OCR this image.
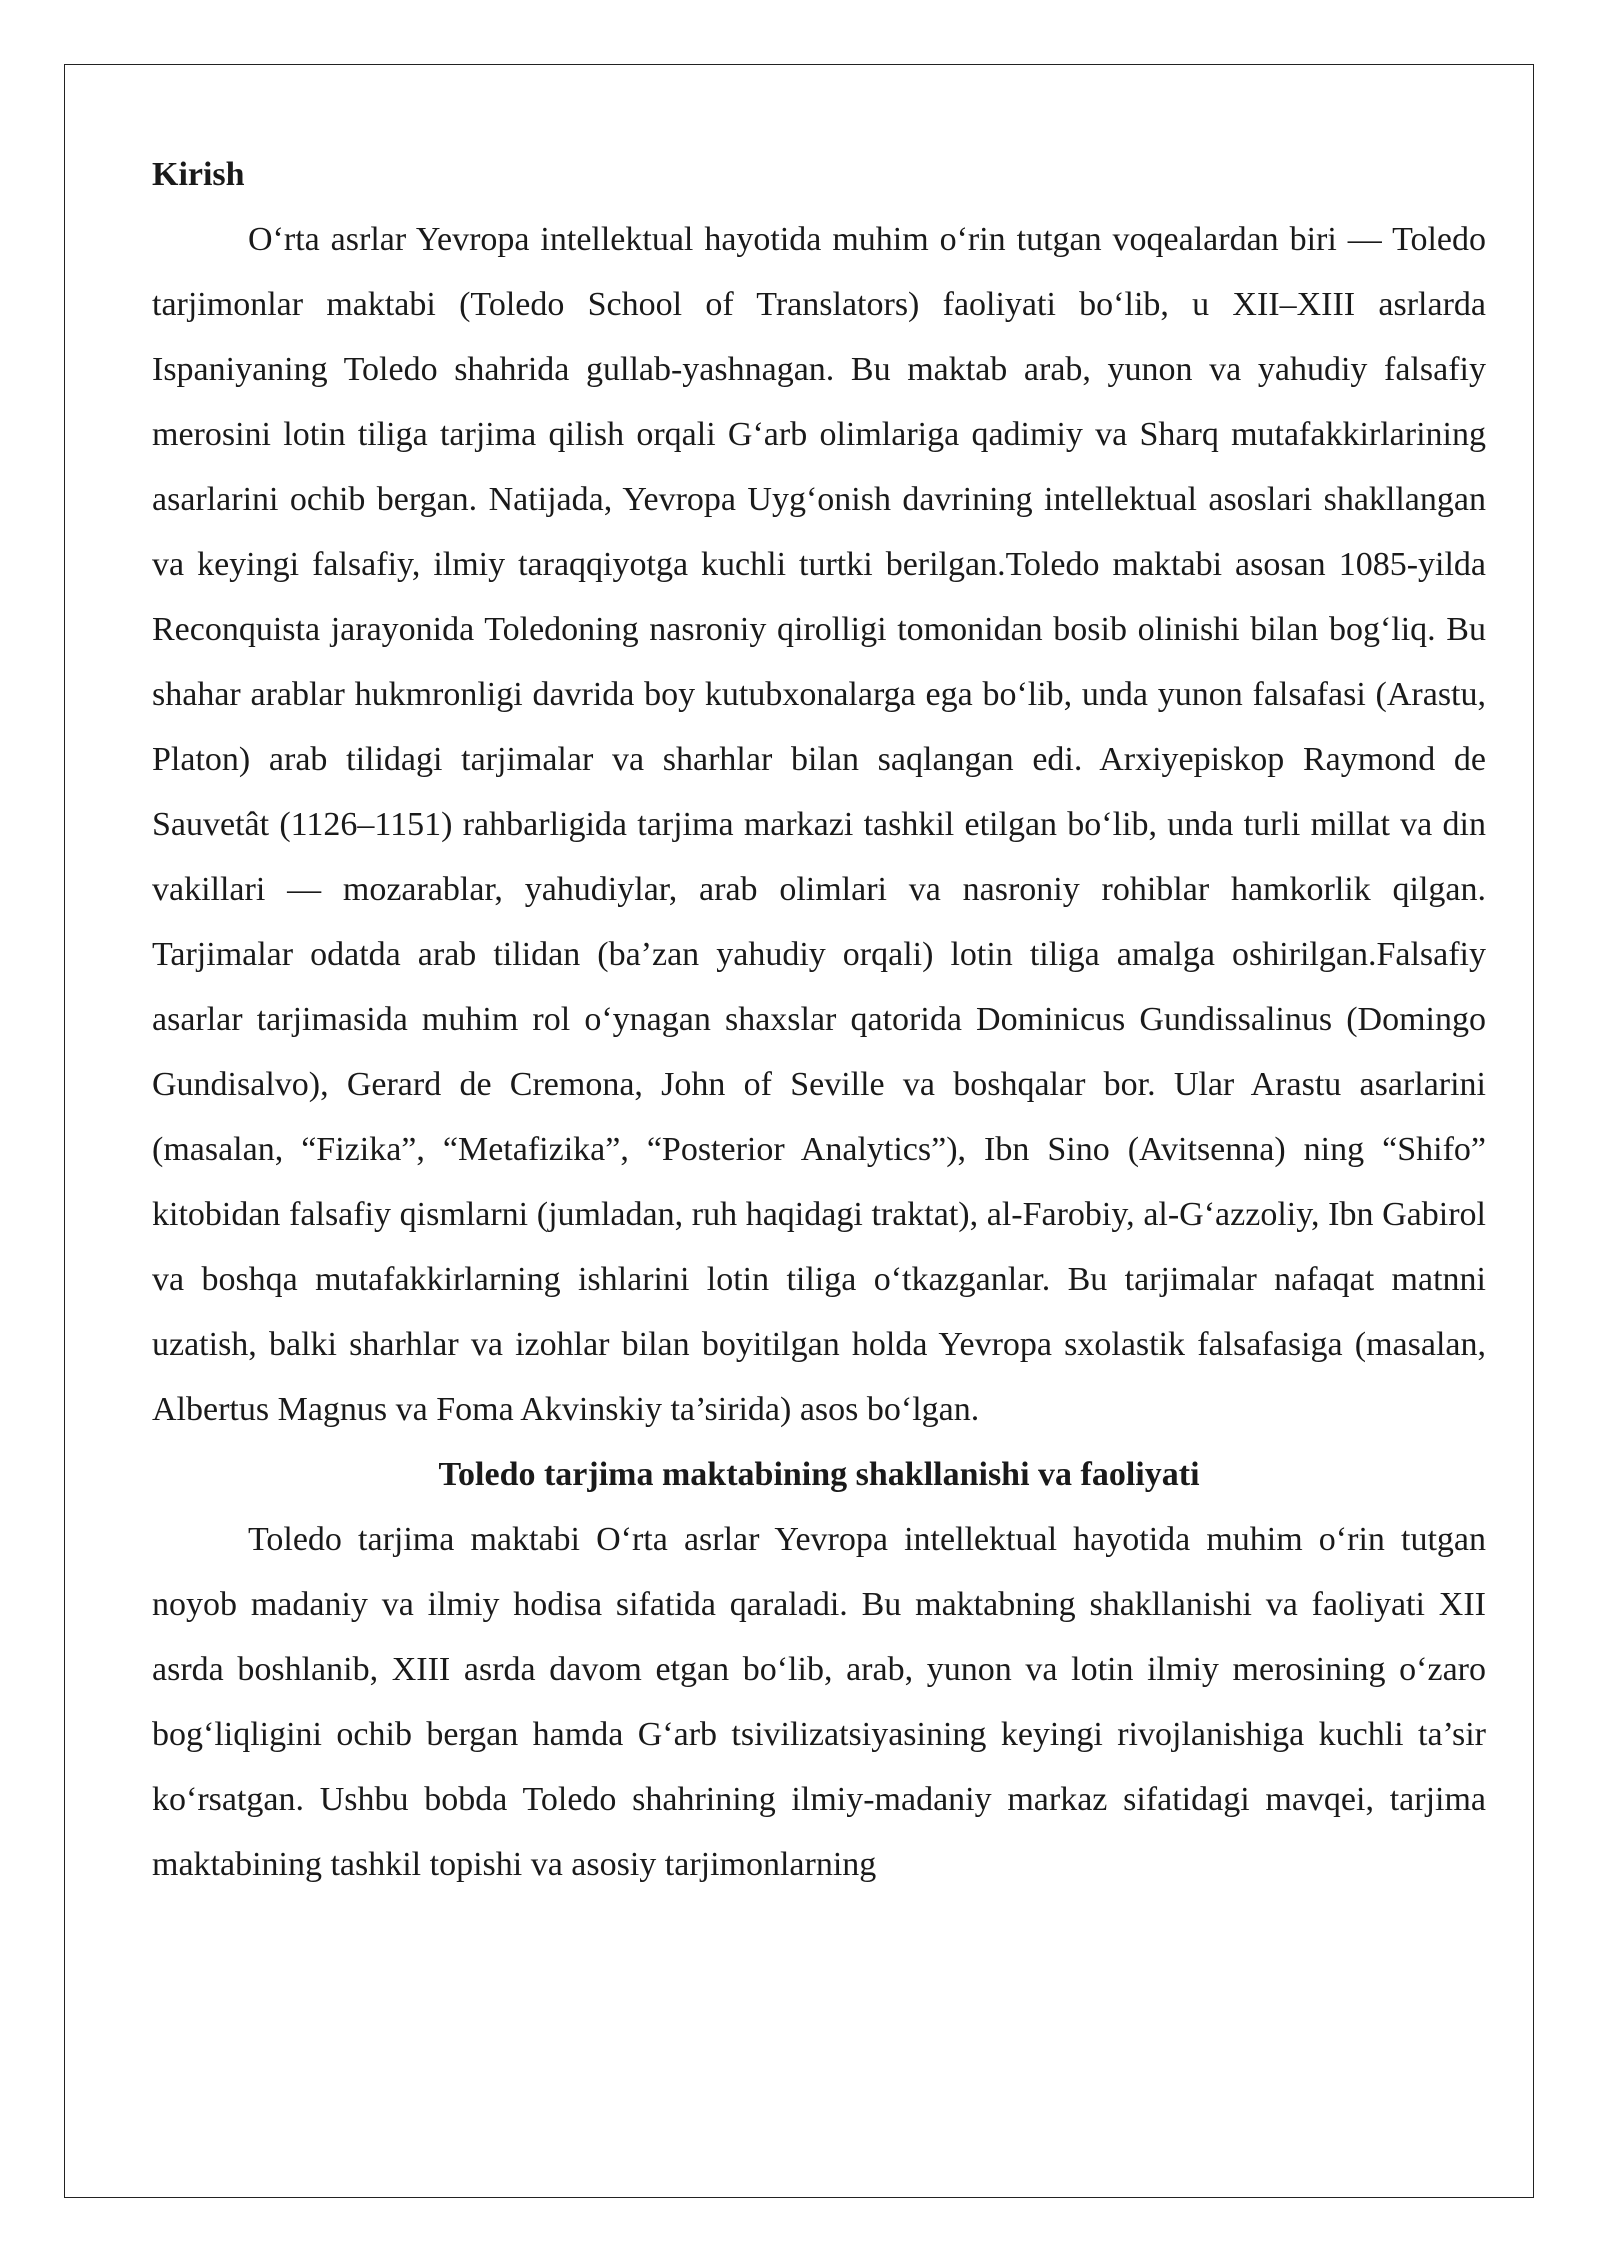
Kirish

O‘rta asrlar Yevropa intellektual hayotida muhim o‘rin tutgan voqealardan biri — Toledo tarjimonlar maktabi (Toledo School of Translators) faoliyati bo‘lib, u XII–XIII asrlarda Ispaniyaning Toledo shahrida gullab-yashnagan. Bu maktab arab, yunon va yahudiy falsafiy merosini lotin tiliga tarjima qilish orqali G‘arb olimlariga qadimiy va Sharq mutafakkirlarining asarlarini ochib bergan. Natijada, Yevropa Uyg‘onish davrining intellektual asoslari shakllangan va keyingi falsafiy, ilmiy taraqqiyotga kuchli turtki berilgan.Toledo maktabi asosan 1085-yilda Reconquista jarayonida Toledoning nasroniy qirolligi tomonidan bosib olinishi bilan bog‘liq. Bu shahar arablar hukmronligi davrida boy kutubxonalarga ega bo‘lib, unda yunon falsafasi (Arastu, Platon) arab tilidagi tarjimalar va sharhlar bilan saqlangan edi. Arxiyepiskop Raymond de Sauvetât (1126–1151) rahbarligida tarjima markazi tashkil etilgan bo‘lib, unda turli millat va din vakillari — mozarablar, yahudiylar, arab olimlari va nasroniy rohiblar hamkorlik qilgan. Tarjimalar odatda arab tilidan (ba’zan yahudiy orqali) lotin tiliga amalga oshirilgan.Falsafiy asarlar tarjimasida muhim rol o‘ynagan shaxslar qatorida Dominicus Gundissalinus (Domingo Gundisalvo), Gerard de Cremona, John of Seville va boshqalar bor. Ular Arastu asarlarini (masalan, “Fizika”, “Metafizika”, “Posterior Analytics”), Ibn Sino (Avitsenna) ning “Shifo” kitobidan falsafiy qismlarni (jumladan, ruh haqidagi traktat), al-Farobiy, al-G‘azzoliy, Ibn Gabirol va boshqa mutafakkirlarning ishlarini lotin tiliga o‘tkazganlar. Bu tarjimalar nafaqat matnni uzatish, balki sharhlar va izohlar bilan boyitilgan holda Yevropa sxolastik falsafasiga (masalan, Albertus Magnus va Foma Akvinskiy ta’sirida) asos bo‘lgan.

Toledo tarjima maktabining shakllanishi va faoliyati

Toledo tarjima maktabi O‘rta asrlar Yevropa intellektual hayotida muhim o‘rin tutgan noyob madaniy va ilmiy hodisa sifatida qaraladi. Bu maktabning shakllanishi va faoliyati XII asrda boshlanib, XIII asrda davom etgan bo‘lib, arab, yunon va lotin ilmiy merosining o‘zaro bog‘liqligini ochib bergan hamda G‘arb tsivilizatsiyasining keyingi rivojlanishiga kuchli ta’sir ko‘rsatgan. Ushbu bobda Toledo shahrining ilmiy-madaniy markaz sifatidagi mavqei, tarjima maktabining tashkil topishi va asosiy tarjimonlarning
